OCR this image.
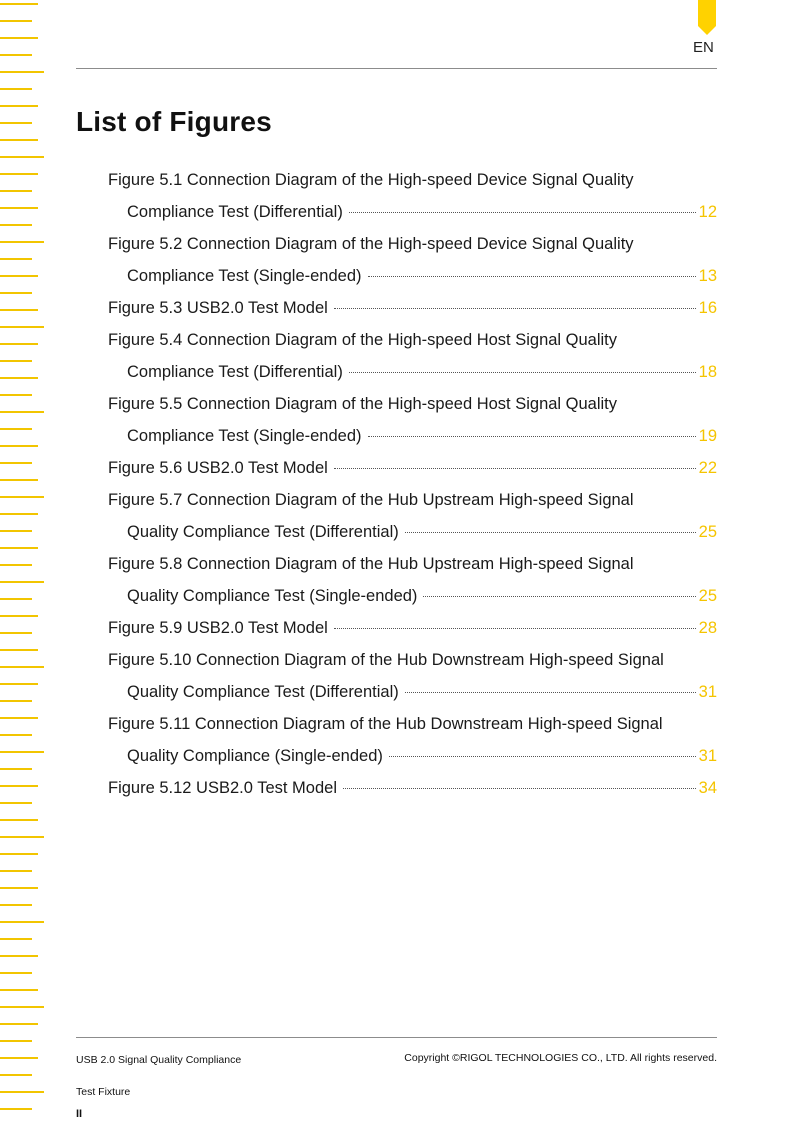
EN
List of Figures
Figure 5.1 Connection Diagram of the High-speed Device Signal Quality
Compliance Test (Differential)	12
Figure 5.2 Connection Diagram of the High-speed Device Signal Quality
Compliance Test (Single-ended)	13
Figure 5.3 USB2.0 Test Model	16
Figure 5.4 Connection Diagram of the High-speed Host Signal Quality
Compliance Test (Differential)	18
Figure 5.5 Connection Diagram of the High-speed Host Signal Quality
Compliance Test (Single-ended)	19
Figure 5.6 USB2.0 Test Model	22
Figure 5.7 Connection Diagram of the Hub Upstream High-speed Signal
Quality Compliance Test (Differential)	25
Figure 5.8 Connection Diagram of the Hub Upstream High-speed Signal
Quality Compliance Test (Single-ended)	25
Figure 5.9 USB2.0 Test Model	28
Figure 5.10 Connection Diagram of the Hub Downstream High-speed Signal
Quality Compliance Test (Differential)	31
Figure 5.11 Connection Diagram of the Hub Downstream High-speed Signal
Quality Compliance (Single-ended)	31
Figure 5.12 USB2.0 Test Model	34
USB 2.0 Signal Quality Compliance
Test Fixture
Copyright ©RIGOL TECHNOLOGIES CO., LTD. All rights reserved.
II
